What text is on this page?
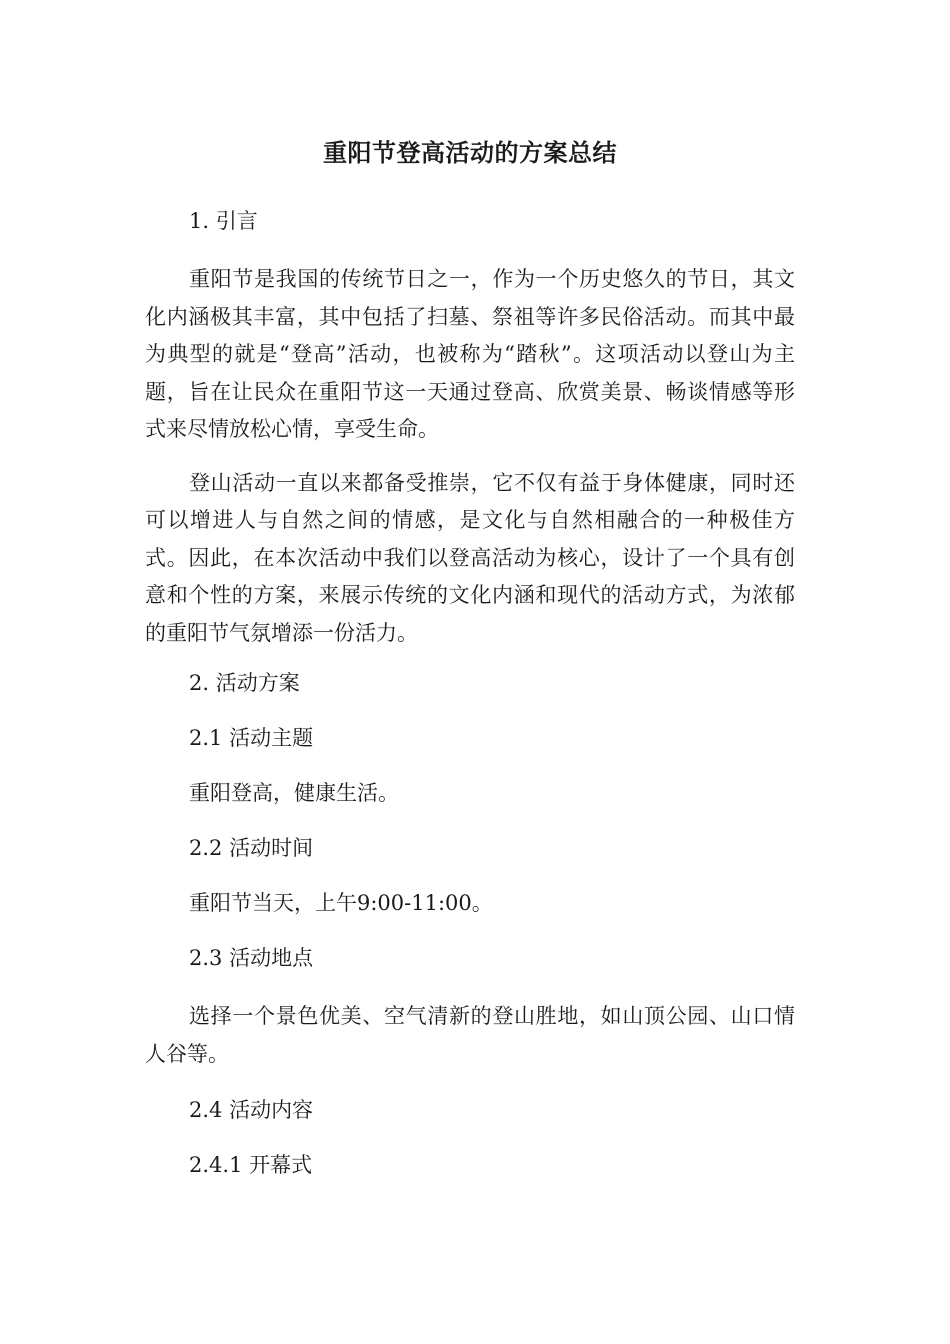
重阳节登高活动的方案总结

1. 引言

重阳节是我国的传统节日之一，作为一个历史悠久的节日，其文化内涵极其丰富，其中包括了扫墓、祭祖等许多民俗活动。而其中最为典型的就是“登高”活动，也被称为“踏秋”。这项活动以登山为主题，旨在让民众在重阳节这一天通过登高、欣赏美景、畅谈情感等形式来尽情放松心情，享受生命。

登山活动一直以来都备受推崇，它不仅有益于身体健康，同时还可以增进人与自然之间的情感，是文化与自然相融合的一种极佳方式。因此，在本次活动中我们以登高活动为核心，设计了一个具有创意和个性的方案，来展示传统的文化内涵和现代的活动方式，为浓郁的重阳节气氛增添一份活力。

2. 活动方案

2.1 活动主题

重阳登高，健康生活。

2.2 活动时间

重阳节当天，上午9:00-11:00。

2.3 活动地点

选择一个景色优美、空气清新的登山胜地，如山顶公园、山口情人谷等。

2.4 活动内容

2.4.1 开幕式
